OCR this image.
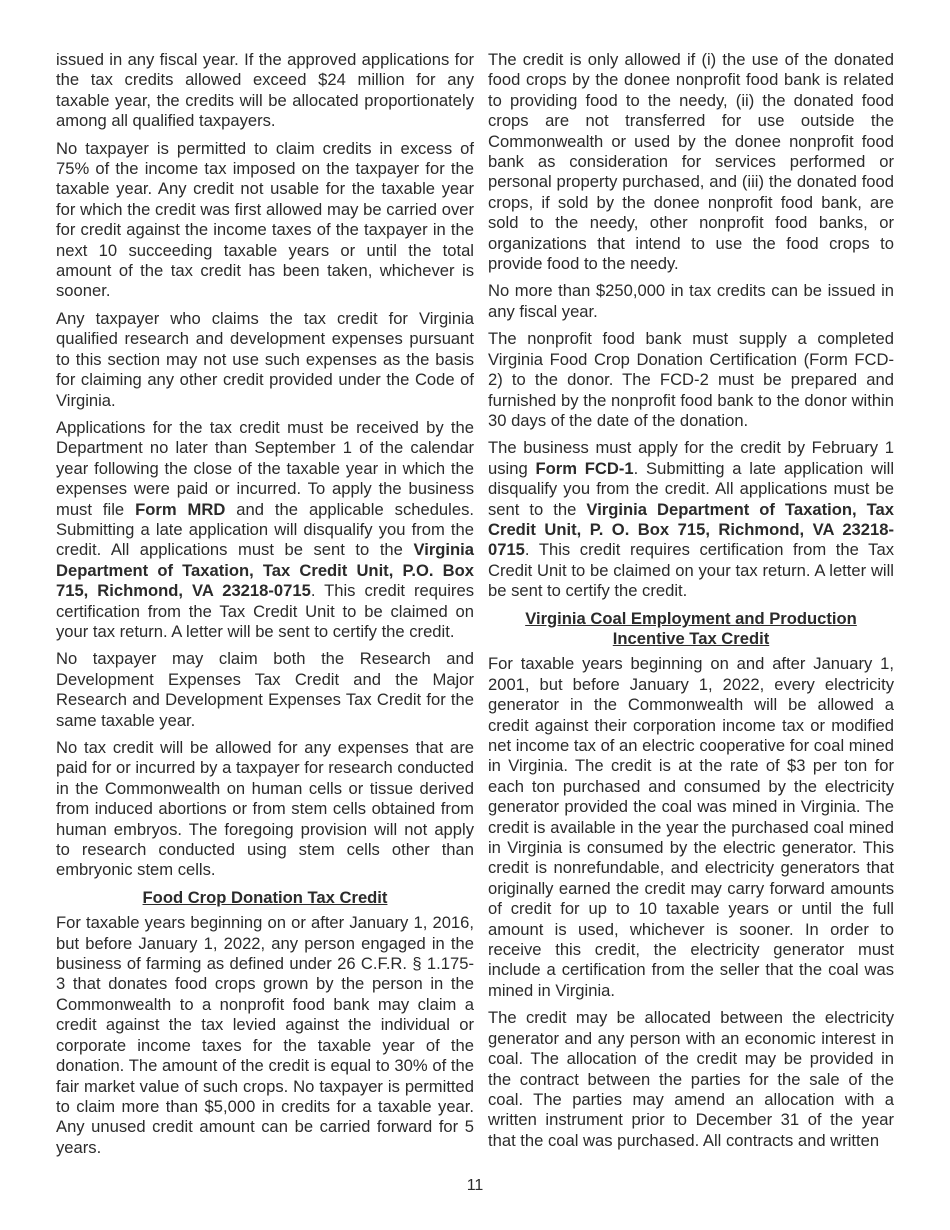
issued in any fiscal year. If the approved applications for the tax credits allowed exceed $24 million for any taxable year, the credits will be allocated proportionately among all qualified taxpayers.

No taxpayer is permitted to claim credits in excess of 75% of the income tax imposed on the taxpayer for the taxable year. Any credit not usable for the taxable year for which the credit was first allowed may be carried over for credit against the income taxes of the taxpayer in the next 10 succeeding taxable years or until the total amount of the tax credit has been taken, whichever is sooner.

Any taxpayer who claims the tax credit for Virginia qualified research and development expenses pursuant to this section may not use such expenses as the basis for claiming any other credit provided under the Code of Virginia.

Applications for the tax credit must be received by the Department no later than September 1 of the calendar year following the close of the taxable year in which the expenses were paid or incurred. To apply the business must file Form MRD and the applicable schedules. Submitting a late application will disqualify you from the credit. All applications must be sent to the Virginia Department of Taxation, Tax Credit Unit, P.O. Box 715, Richmond, VA 23218-0715. This credit requires certification from the Tax Credit Unit to be claimed on your tax return. A letter will be sent to certify the credit.

No taxpayer may claim both the Research and Development Expenses Tax Credit and the Major Research and Development Expenses Tax Credit for the same taxable year.

No tax credit will be allowed for any expenses that are paid for or incurred by a taxpayer for research conducted in the Commonwealth on human cells or tissue derived from induced abortions or from stem cells obtained from human embryos. The foregoing provision will not apply to research conducted using stem cells other than embryonic stem cells.

Food Crop Donation Tax Credit

For taxable years beginning on or after January 1, 2016, but before January 1, 2022, any person engaged in the business of farming as defined under 26 C.F.R. § 1.175-3 that donates food crops grown by the person in the Commonwealth to a nonprofit food bank may claim a credit against the tax levied against the individual or corporate income taxes for the taxable year of the donation. The amount of the credit is equal to 30% of the fair market value of such crops. No taxpayer is permitted to claim more than $5,000 in credits for a taxable year. Any unused credit amount can be carried forward for 5 years.

The credit is only allowed if (i) the use of the donated food crops by the donee nonprofit food bank is related to providing food to the needy, (ii) the donated food crops are not transferred for use outside the Commonwealth or used by the donee nonprofit food bank as consideration for services performed or personal property purchased, and (iii) the donated food crops, if sold by the donee nonprofit food bank, are sold to the needy, other nonprofit food banks, or organizations that intend to use the food crops to provide food to the needy.

No more than $250,000 in tax credits can be issued in any fiscal year.

The nonprofit food bank must supply a completed Virginia Food Crop Donation Certification (Form FCD-2) to the donor. The FCD-2 must be prepared and furnished by the nonprofit food bank to the donor within 30 days of the date of the donation.

The business must apply for the credit by February 1 using Form FCD-1. Submitting a late application will disqualify you from the credit. All applications must be sent to the Virginia Department of Taxation, Tax Credit Unit, P. O. Box 715, Richmond, VA 23218-0715. This credit requires certification from the Tax Credit Unit to be claimed on your tax return. A letter will be sent to certify the credit.

Virginia Coal Employment and Production Incentive Tax Credit

For taxable years beginning on and after January 1, 2001, but before January 1, 2022, every electricity generator in the Commonwealth will be allowed a credit against their corporation income tax or modified net income tax of an electric cooperative for coal mined in Virginia. The credit is at the rate of $3 per ton for each ton purchased and consumed by the electricity generator provided the coal was mined in Virginia. The credit is available in the year the purchased coal mined in Virginia is consumed by the electric generator. This credit is nonrefundable, and electricity generators that originally earned the credit may carry forward amounts of credit for up to 10 taxable years or until the full amount is used, whichever is sooner. In order to receive this credit, the electricity generator must include a certification from the seller that the coal was mined in Virginia.

The credit may be allocated between the electricity generator and any person with an economic interest in coal. The allocation of the credit may be provided in the contract between the parties for the sale of the coal. The parties may amend an allocation with a written instrument prior to December 31 of the year that the coal was purchased. All contracts and written

11
